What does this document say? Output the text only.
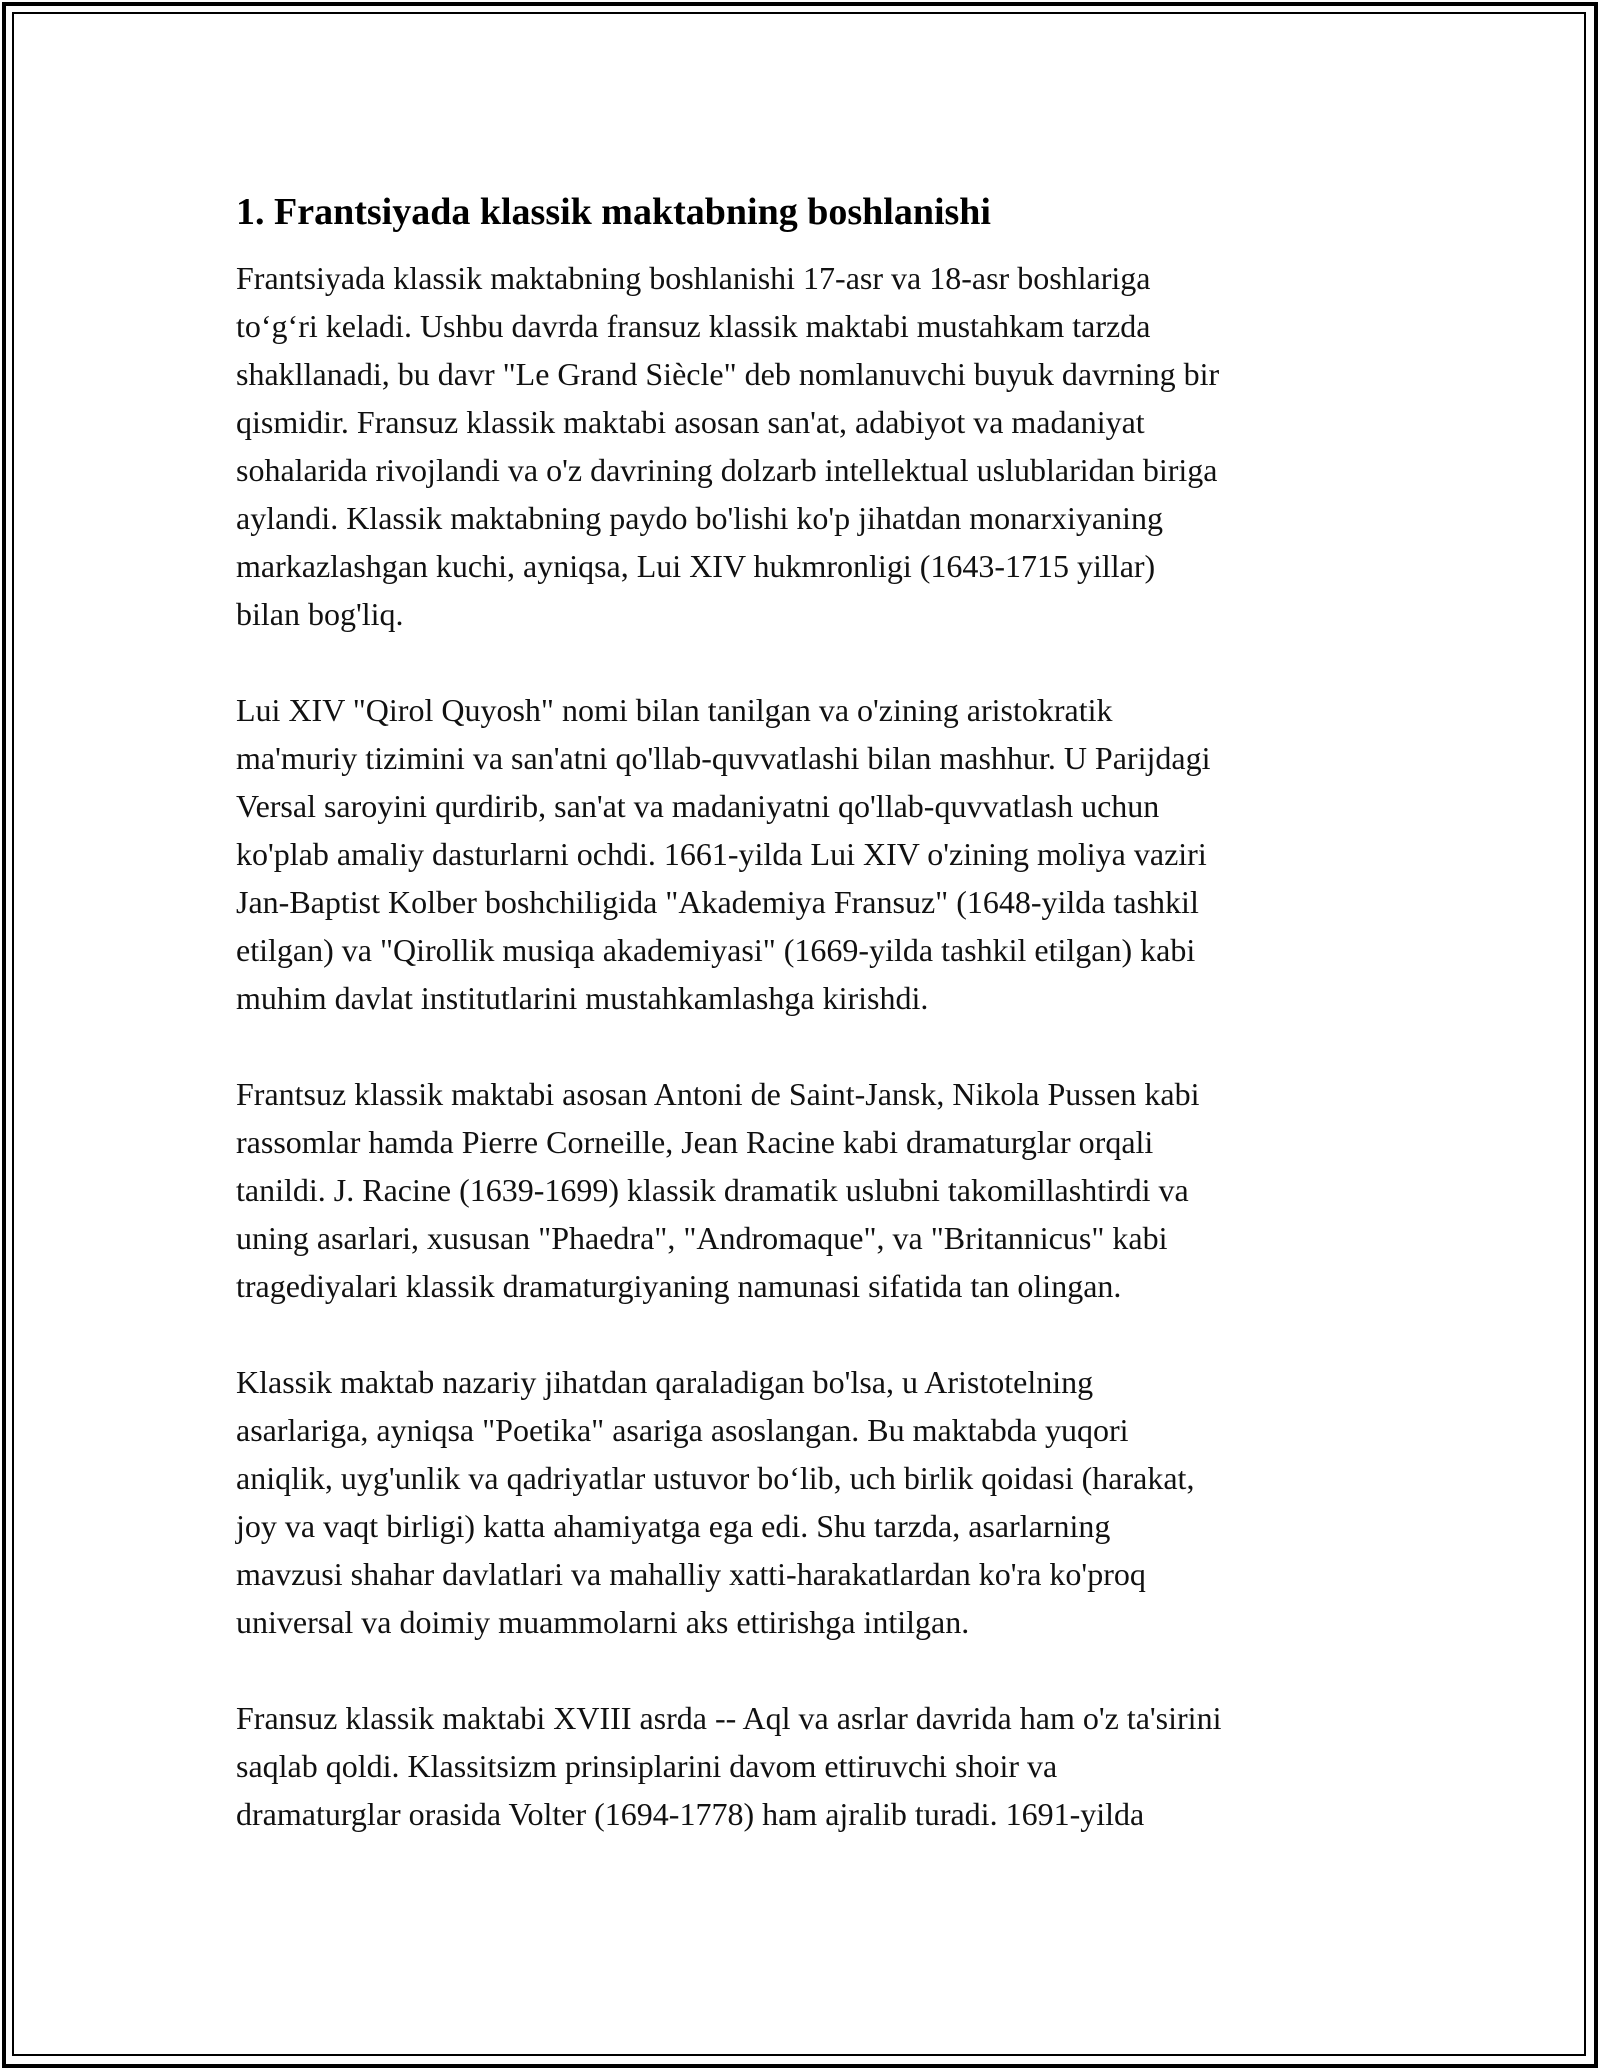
1. Frantsiyada klassik maktabning boshlanishi
Frantsiyada klassik maktabning boshlanishi 17-asr va 18-asr boshlariga
to‘g‘ri keladi. Ushbu davrda fransuz klassik maktabi mustahkam tarzda
shakllanadi, bu davr "Le Grand Siècle" deb nomlanuvchi buyuk davrning bir
qismidir. Fransuz klassik maktabi asosan san'at, adabiyot va madaniyat
sohalarida rivojlandi va o'z davrining dolzarb intellektual uslublaridan biriga
aylandi. Klassik maktabning paydo bo'lishi ko'p jihatdan monarxiyaning
markazlashgan kuchi, ayniqsa, Lui XIV hukmronligi (1643-1715 yillar)
bilan bog'liq.
Lui XIV "Qirol Quyosh" nomi bilan tanilgan va o'zining aristokratik
ma'muriy tizimini va san'atni qo'llab-quvvatlashi bilan mashhur. U Parijdagi
Versal saroyini qurdirib, san'at va madaniyatni qo'llab-quvvatlash uchun
ko'plab amaliy dasturlarni ochdi. 1661-yilda Lui XIV o'zining moliya vaziri
Jan-Baptist Kolber boshchiligida "Akademiya Fransuz" (1648-yilda tashkil
etilgan) va "Qirollik musiqa akademiyasi" (1669-yilda tashkil etilgan) kabi
muhim davlat institutlarini mustahkamlashga kirishdi.
Frantsuz klassik maktabi asosan Antoni de Saint-Jansk, Nikola Pussen kabi
rassomlar hamda Pierre Corneille, Jean Racine kabi dramaturglar orqali
tanildi. J. Racine (1639-1699) klassik dramatik uslubni takomillashtirdi va
uning asarlari, xususan "Phaedra", "Andromaque", va "Britannicus" kabi
tragediyalari klassik dramaturgiyaning namunasi sifatida tan olingan.
Klassik maktab nazariy jihatdan qaraladigan bo'lsa, u Aristotelning
asarlariga, ayniqsa "Poetika" asariga asoslangan. Bu maktabda yuqori
aniqlik, uyg'unlik va qadriyatlar ustuvor bo‘lib, uch birlik qoidasi (harakat,
joy va vaqt birligi) katta ahamiyatga ega edi. Shu tarzda, asarlarning
mavzusi shahar davlatlari va mahalliy xatti-harakatlardan ko'ra ko'proq
universal va doimiy muammolarni aks ettirishga intilgan.
Fransuz klassik maktabi XVIII asrda -- Aql va asrlar davrida ham o'z ta'sirini
saqlab qoldi. Klassitsizm prinsiplarini davom ettiruvchi shoir va
dramaturglar orasida Volter (1694-1778) ham ajralib turadi. 1691-yilda
